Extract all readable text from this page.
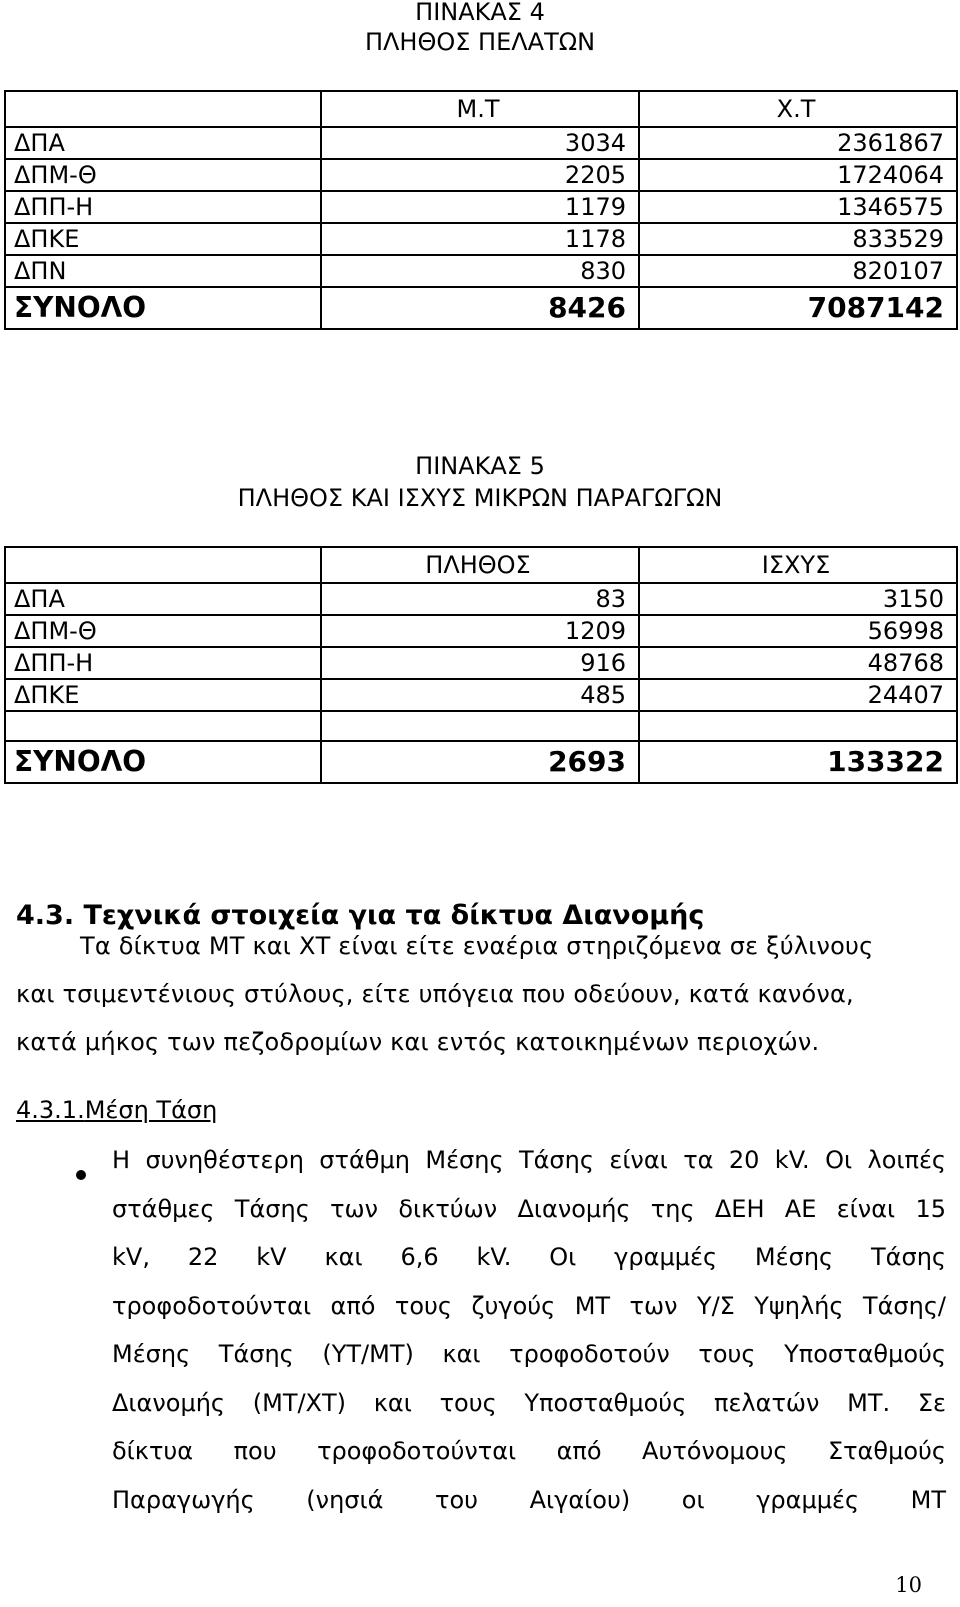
ΠΙΝΑΚΑΣ 4
ΠΛΗΘΟΣ ΠΕΛΑΤΩΝ
	Μ.Τ	Χ.Τ
ΔΠΑ	3034	2361867
ΔΠΜ-Θ	2205	1724064
ΔΠΠ-Η	1179	1346575
ΔΠΚΕ	1178	833529
ΔΠΝ	830	820107
ΣΥΝΟΛΟ	8426	7087142
ΠΙΝΑΚΑΣ 5
ΠΛΗΘΟΣ ΚΑΙ ΙΣΧΥΣ ΜΙΚΡΩΝ ΠΑΡΑΓΩΓΩΝ
	ΠΛΗΘΟΣ	ΙΣΧΥΣ
ΔΠΑ	83	3150
ΔΠΜ-Θ	1209	56998
ΔΠΠ-Η	916	48768
ΔΠΚΕ	485	24407

ΣΥΝΟΛΟ	2693	133322
4.3. Τεχνικά στοιχεία για τα δίκτυα Διανομής
Τα δίκτυα ΜΤ και ΧΤ είναι είτε εναέρια στηριζόμενα σε ξύλινους
και τσιμεντένιους στύλους, είτε υπόγεια που οδεύουν, κατά κανόνα,
κατά μήκος των πεζοδρομίων και εντός κατοικημένων περιοχών.
4.3.1.Μέση Τάση
Η συνηθέστερη στάθμη Μέσης Τάσης είναι τα 20 kV. Οι λοιπές
στάθμες Τάσης των δικτύων Διανομής της ΔΕΗ ΑΕ είναι 15
kV, 22 kV και 6,6 kV. Οι γραμμές Μέσης Τάσης
τροφοδοτούνται από τους ζυγούς ΜΤ των Υ/Σ Υψηλής Τάσης/
Μέσης Τάσης (ΥΤ/ΜΤ) και τροφοδοτούν τους Υποσταθμούς
Διανομής (ΜΤ/ΧΤ) και τους Υποσταθμούς πελατών ΜΤ. Σε
δίκτυα που τροφοδοτούνται από Αυτόνομους Σταθμούς
Παραγωγής (νησιά του Αιγαίου) οι γραμμές ΜΤ
10
